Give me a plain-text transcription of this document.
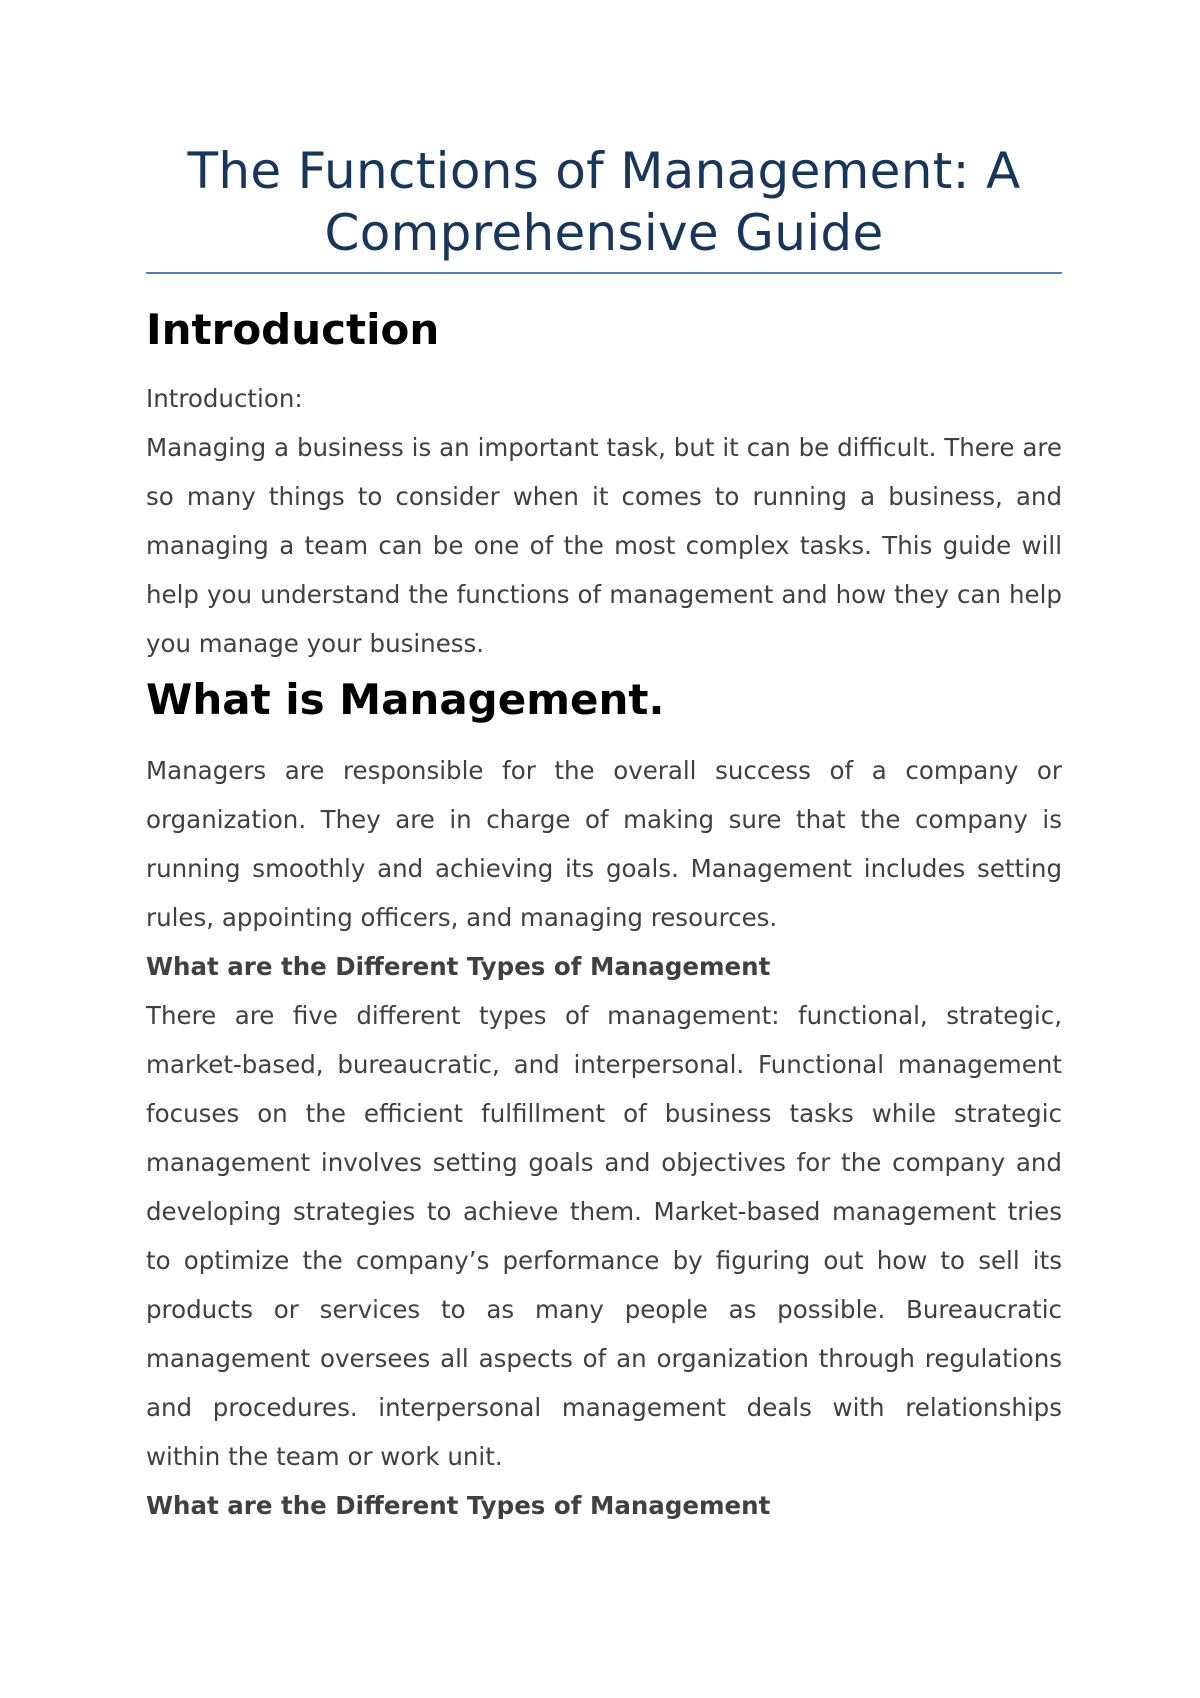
The Functions of Management: A Comprehensive Guide
Introduction

Introduction:

Managing a business is an important task, but it can be difficult. There are so many things to consider when it comes to running a business, and managing a team can be one of the most complex tasks. This guide will help you understand the functions of management and how they can help you manage your business.

What is Management.

Managers are responsible for the overall success of a company or organization. They are in charge of making sure that the company is running smoothly and achieving its goals. Management includes setting rules, appointing officers, and managing resources.

What are the Different Types of Management

There are five different types of management: functional, strategic, market-based, bureaucratic, and interpersonal. Functional management focuses on the efficient fulfillment of business tasks while strategic management involves setting goals and objectives for the company and developing strategies to achieve them. Market-based management tries to optimize the company’s performance by figuring out how to sell its products or services to as many people as possible. Bureaucratic management oversees all aspects of an organization through regulations and procedures. interpersonal management deals with relationships within the team or work unit.

What are the Different Types of Management
